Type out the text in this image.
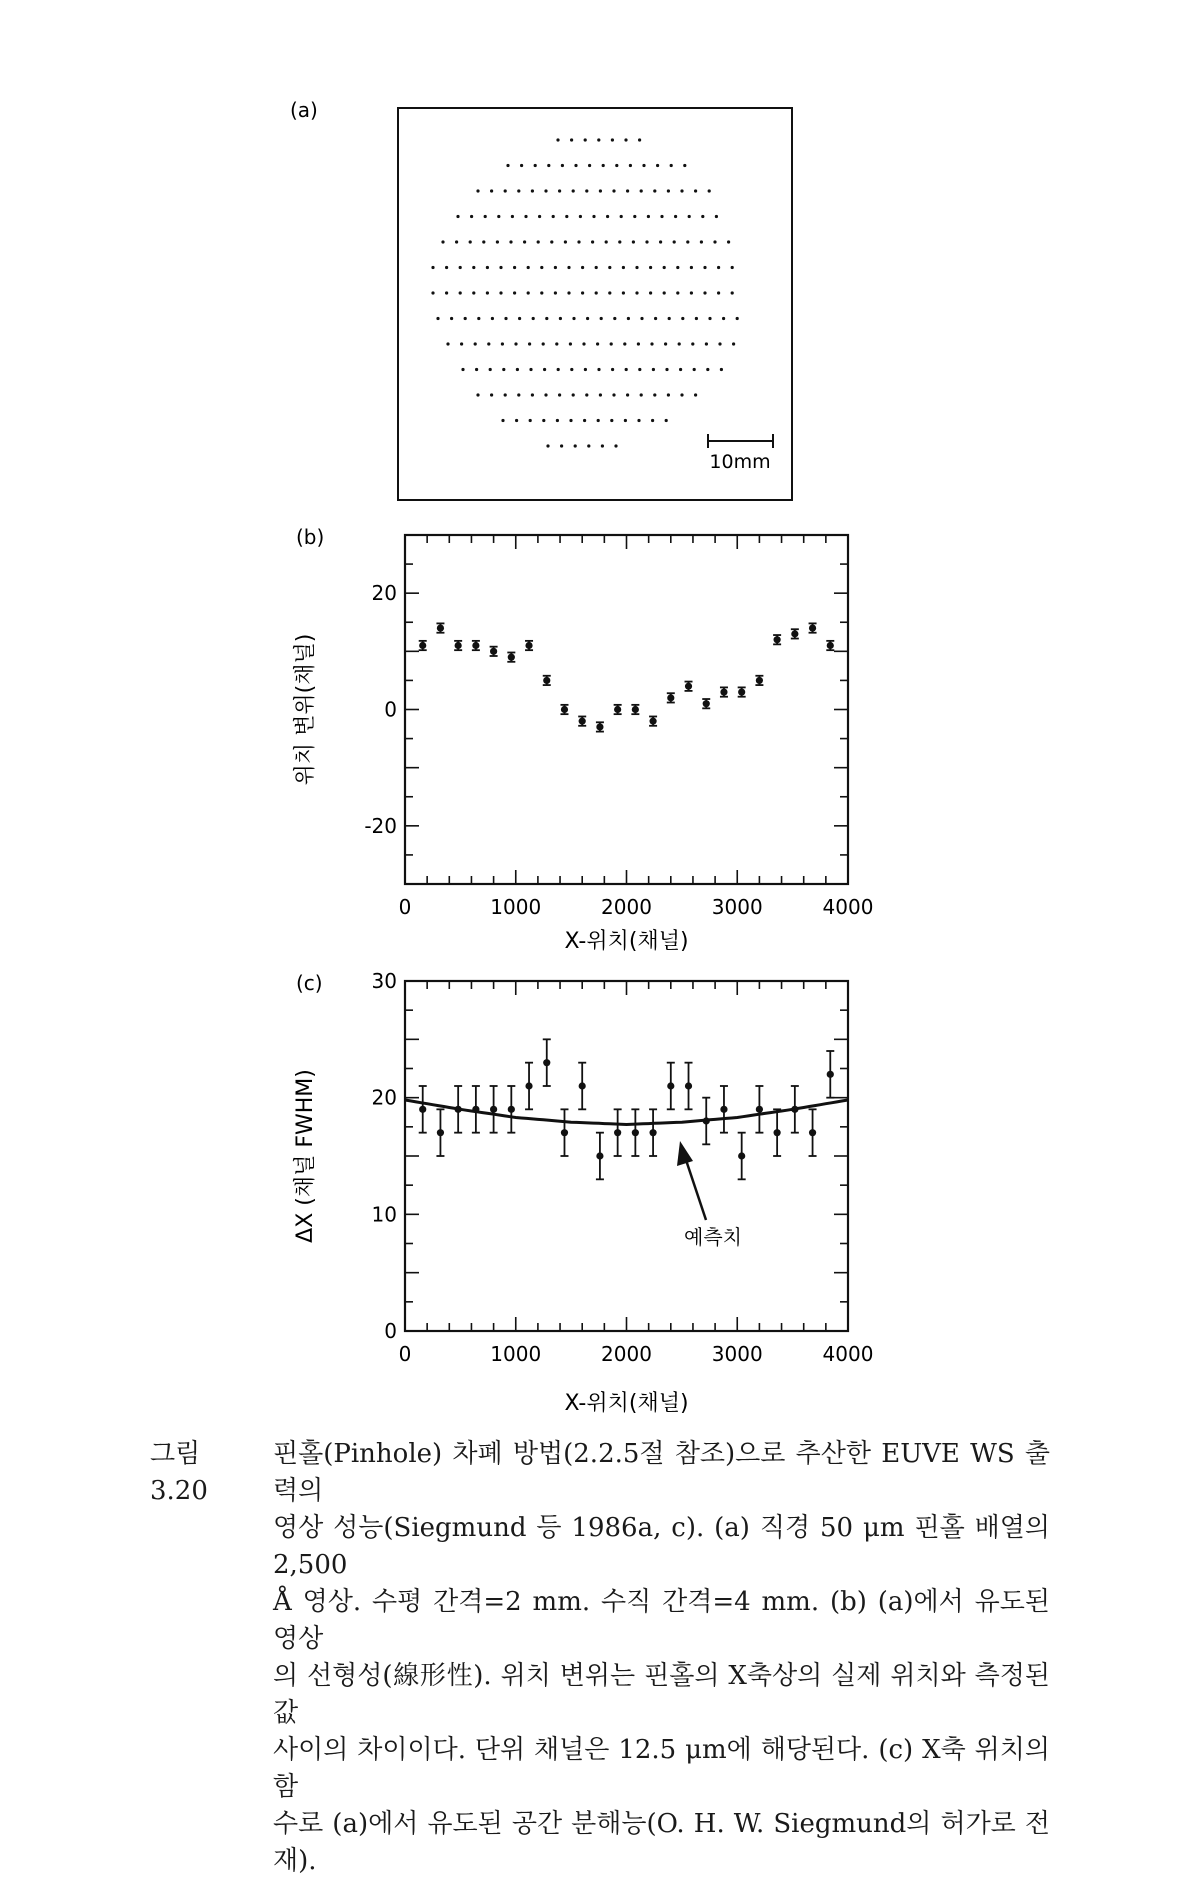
(a)
10mm
(b)
0	1000	2000	3000	4000
-20
0
20
X-위치(채널)
위치 변위(채널)
(c)
0	1000	2000	3000	4000
0
10
20
30
X-위치(채널)
ΔX (채널 FWHM)	예측치
그림 3.20
핀홀(Pinhole) 차폐 방법(2.2.5절 참조)으로 추산한 EUVE WS 출력의
영상 성능(Siegmund 등 1986a, c). (a) 직경 50 μm 핀홀 배열의 2,500
Å 영상. 수평 간격=2 mm. 수직 간격=4 mm. (b) (a)에서 유도된 영상
의 선형성(線形性). 위치 변위는 핀홀의 X축상의 실제 위치와 측정된 값
사이의 차이이다. 단위 채널은 12.5 μm에 해당된다. (c) X축 위치의 함
수로 (a)에서 유도된 공간 분해능(O. H. W. Siegmund의 허가로 전재).
